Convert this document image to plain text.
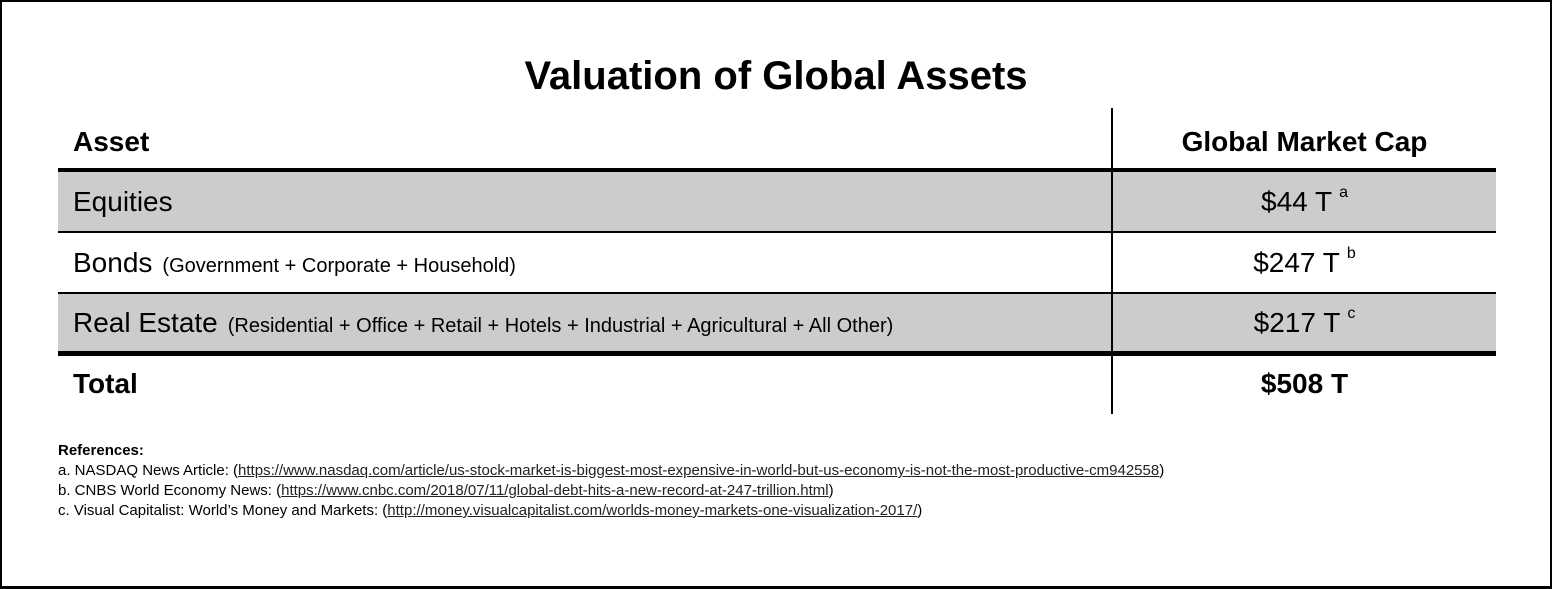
Valuation of Global Assets
Asset	Global Market Cap
Equities	$44 T a
Bonds (Government + Corporate + Household)	$247 T b
Real Estate (Residential + Office + Retail + Hotels + Industrial + Agricultural + All Other)	$217 T c
Total	$508 T
References:
a. NASDAQ News Article: (https://www.nasdaq.com/article/us-stock-market-is-biggest-most-expensive-in-world-but-us-economy-is-not-the-most-productive-cm942558)
b. CNBS World Economy News: (https://www.cnbc.com/2018/07/11/global-debt-hits-a-new-record-at-247-trillion.html)
c. Visual Capitalist: World’s Money and Markets: (http://money.visualcapitalist.com/worlds-money-markets-one-visualization-2017/)
